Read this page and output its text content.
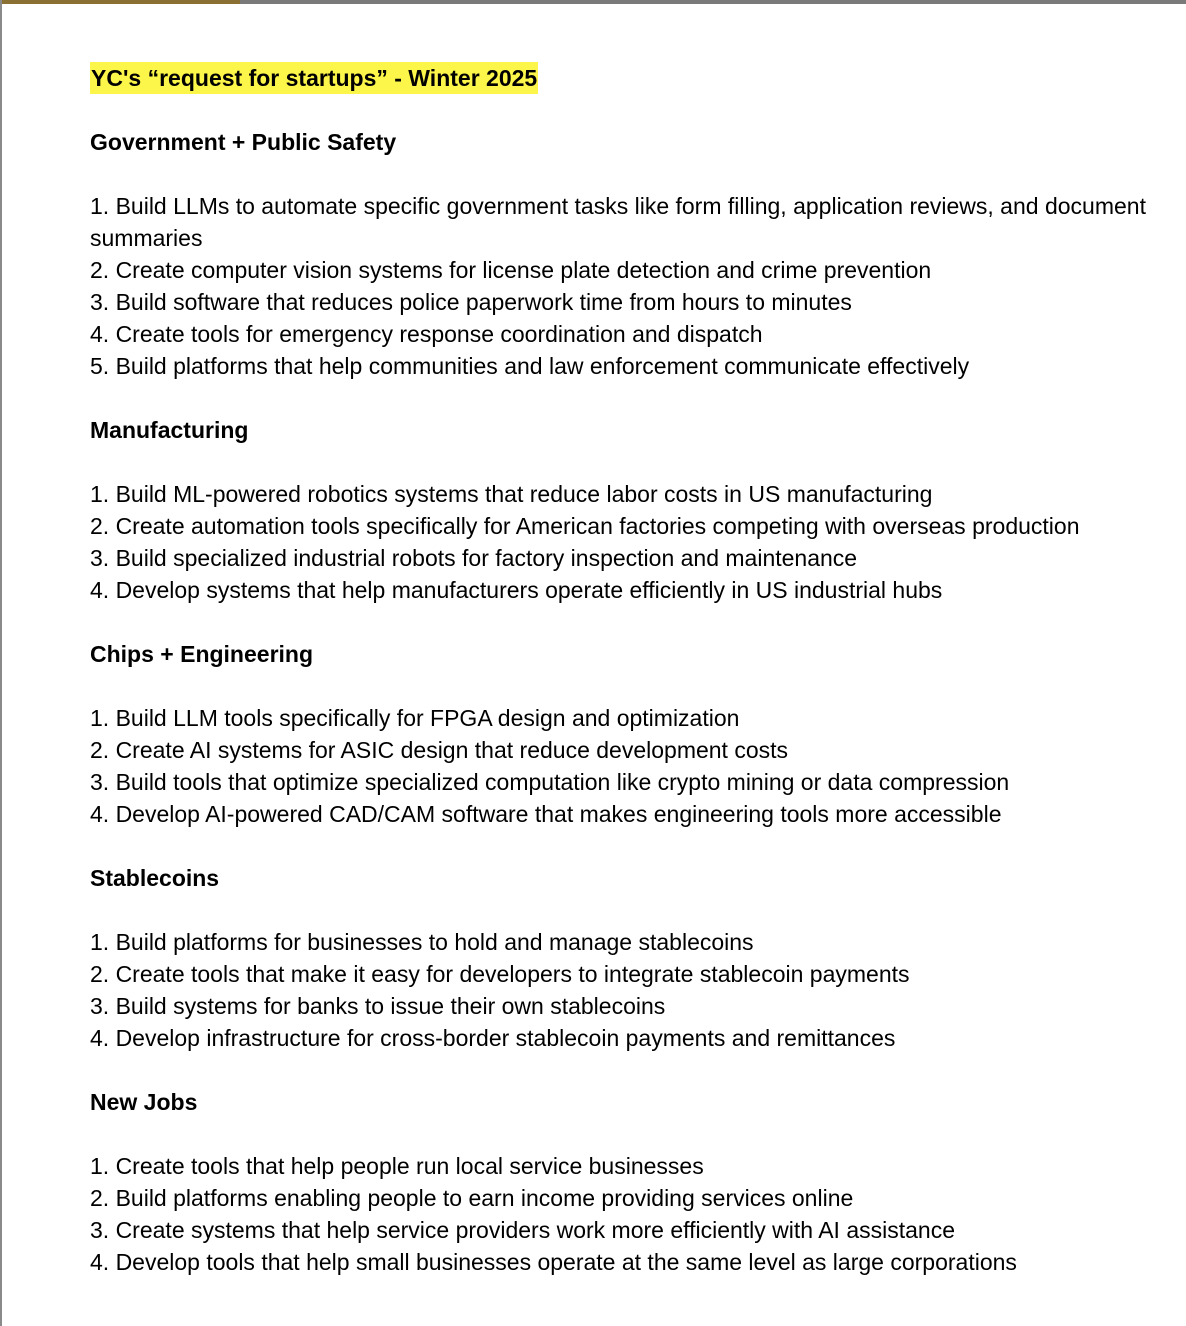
YC's “request for startups” - Winter 2025
Government + Public Safety
1. Build LLMs to automate specific government tasks like form filling, application reviews, and document summaries
2. Create computer vision systems for license plate detection and crime prevention
3. Build software that reduces police paperwork time from hours to minutes
4. Create tools for emergency response coordination and dispatch
5. Build platforms that help communities and law enforcement communicate effectively
Manufacturing
1. Build ML-powered robotics systems that reduce labor costs in US manufacturing
2. Create automation tools specifically for American factories competing with overseas production
3. Build specialized industrial robots for factory inspection and maintenance
4. Develop systems that help manufacturers operate efficiently in US industrial hubs
Chips + Engineering
1. Build LLM tools specifically for FPGA design and optimization
2. Create AI systems for ASIC design that reduce development costs
3. Build tools that optimize specialized computation like crypto mining or data compression
4. Develop AI-powered CAD/CAM software that makes engineering tools more accessible
Stablecoins
1. Build platforms for businesses to hold and manage stablecoins
2. Create tools that make it easy for developers to integrate stablecoin payments
3. Build systems for banks to issue their own stablecoins
4. Develop infrastructure for cross-border stablecoin payments and remittances
New Jobs
1. Create tools that help people run local service businesses
2. Build platforms enabling people to earn income providing services online
3. Create systems that help service providers work more efficiently with AI assistance
4. Develop tools that help small businesses operate at the same level as large corporations
